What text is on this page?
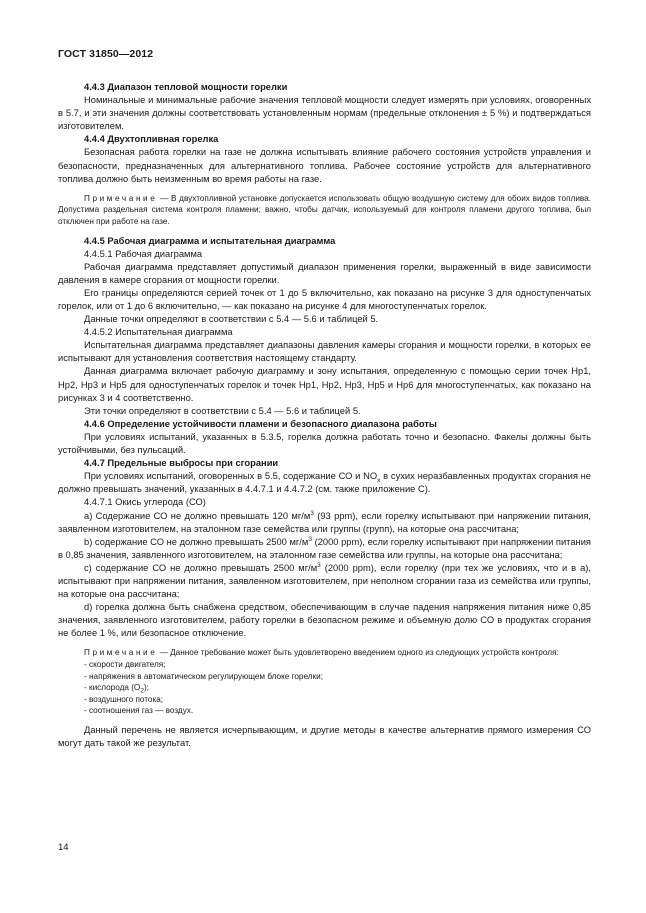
ГОСТ 31850—2012

4.4.3 Диапазон тепловой мощности горелки

Номинальные и минимальные рабочие значения тепловой мощности следует измерять при условиях, оговоренных в 5.7, и эти значения должны соответствовать установленным нормам (предельные отклонения ± 5 %) и подтверждаться изготовителем.

4.4.4 Двухтопливная горелка

Безопасная работа горелки на газе не должна испытывать влияние рабочего состояния устройств управления и безопасности, предназначенных для альтернативного топлива. Рабочее состояние устройств для альтернативного топлива должно быть неизменным во время работы на газе.

Примечание — В двухтопливной установке допускается использовать общую воздушную систему для обоих видов топлива. Допустима раздельная система контроля пламени; важно, чтобы датчик, используемый для контроля пламени другого топлива, был отключен при работе на газе.

4.4.5 Рабочая диаграмма и испытательная диаграмма

4.4.5.1 Рабочая диаграмма

Рабочая диаграмма представляет допустимый диапазон применения горелки, выраженный в виде зависимости давления в камере сгорания от мощности горелки.

Его границы определяются серией точек от 1 до 5 включительно, как показано на рисунке 3 для одноступенчатых горелок, или от 1 до 6 включительно, — как показано на рисунке 4 для многоступенчатых горелок.

Данные точки определяют в соответствии с 5.4 — 5.6 и таблицей 5.

4.4.5.2 Испытательная диаграмма

Испытательная диаграмма представляет диапазоны давления камеры сгорания и мощности горелки, в которых ее испытывают для установления соответствия настоящему стандарту.

Данная диаграмма включает рабочую диаграмму и зону испытания, определенную с помощью серии точек Нр1, Нр2, Нр3 и Нр5 для одноступенчатых горелок и точек Нр1, Нр2, Нр3, Нр5 и Нр6 для многоступенчатых, как показано на рисунках 3 и 4 соответственно.

Эти точки определяют в соответствии с 5.4 — 5.6 и таблицей 5.

4.4.6 Определение устойчивости пламени и безопасного диапазона работы

При условиях испытаний, указанных в 5.3.5, горелка должна работать точно и безопасно. Факелы должны быть устойчивыми, без пульсаций.

4.4.7 Предельные выбросы при сгорании

При условиях испытаний, оговоренных в 5.5, содержание СО и $NO_x$ в сухих неразбавленных продуктах сгорания не должно превышать значений, указанных в 4.4.7.1 и 4.4.7.2 (см. также приложение С).

4.4.7.1 Окись углерода (СО)

а) Содержание СО не должно превышать 120 $мг/м^3$ (93 ppm), если горелку испытывают при напряжении питания, заявленном изготовителем, на эталонном газе семейства или группы (групп), на которые она рассчитана;

b) содержание СО не должно превышать 2500 $мг/м^3$ (2000 ppm), если горелку испытывают при напряжении питания в 0,85 значения, заявленного изготовителем, на эталонном газе семейства или группы, на которые она рассчитана;

c) содержание СО не должно превышать 2500 $мг/м^3$ (2000 ppm), если горелку (при тех же условиях, что и в а), испытывают при напряжении питания, заявленном изготовителем, при неполном сгорании газа из семейства или группы, на которые она рассчитана;

d) горелка должна быть снабжена средством, обеспечивающим в случае падения напряжения питания ниже 0,85 значения, заявленного изготовителем, работу горелки в безопасном режиме и объемную долю СО в продуктах сгорания не более 1 %, или безопасное отключение.

Примечание — Данное требование может быть удовлетворено введением одного из следующих устройств контроля:

- скорости двигателя;

- напряжения в автоматическом регулирующем блоке горелки;

- кислорода $(О_2)$;

- воздушного потока;

- соотношения газ — воздух.

Данный перечень не является исчерпывающим, и другие методы в качестве альтернатив прямого измерения СО могут дать такой же результат.

14
